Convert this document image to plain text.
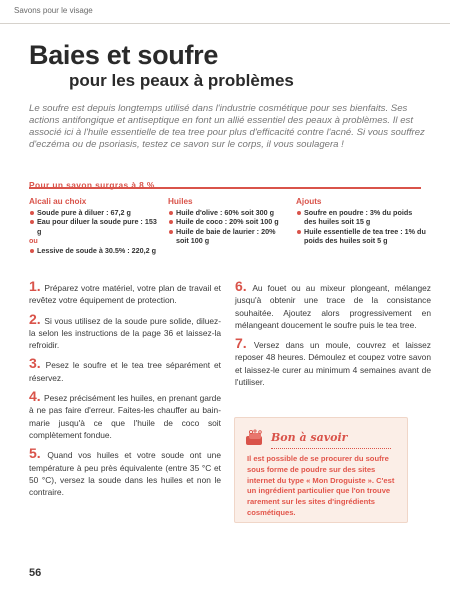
Savons pour le visage
Baies et soufre
pour les peaux à problèmes

Le soufre est depuis longtemps utilisé dans l'industrie cosmétique pour ses bienfaits. Ses actions antifongique et antiseptique en font un allié essentiel des peaux à problèmes. Il est associé ici à l'huile essentielle de tea tree pour plus d'efficacité contre l'acné. Si vous souffrez d'eczéma ou de psoriasis, testez ce savon sur le corps, il vous soulagera !

Pour un savon surgras à 8 %
Alcali au choix
Soude pure à diluer : 67,2 g
Eau pour diluer la soude pure : 153 g
ou
Lessive de soude à 30.5% : 220,2 g
Huiles
Huile d'olive : 60% soit 300 g
Huile de coco : 20% soit 100 g
Huile de baie de laurier : 20% soit 100 g
Ajouts
Soufre en poudre : 3% du poids des huiles soit 15 g
Huile essentielle de tea tree : 1% du poids des huiles soit 5 g

1. Préparez votre matériel, votre plan de travail et revêtez votre équipement de protection.

2. Si vous utilisez de la soude pure solide, diluez-la selon les instructions de la page 36 et laissez-la refroidir.

3. Pesez le soufre et le tea tree séparément et réservez.

4. Pesez précisément les huiles, en prenant garde à ne pas faire d'erreur. Faites-les chauffer au bain-marie jusqu'à ce que l'huile de coco soit complètement fondue.

5. Quand vos huiles et votre soude ont une température à peu près équivalente (entre 35 °C et 50 °C), versez la soude dans les huiles et non le contraire.

6. Au fouet ou au mixeur plongeant, mélangez jusqu'à obtenir une trace de la consistance souhaitée. Ajoutez alors progressivement en mélangeant doucement le soufre puis le tea tree.

7. Versez dans un moule, couvrez et laissez reposer 48 heures. Démoulez et coupez votre savon et laissez-le curer au minimum 4 semaines avant de l'utiliser.

Bon à savoir

Il est possible de se procurer du soufre sous forme de poudre sur des sites internet du type « Mon Droguiste ». C'est un ingrédient particulier que l'on trouve rarement sur les sites d'ingrédients cosmétiques.

56
